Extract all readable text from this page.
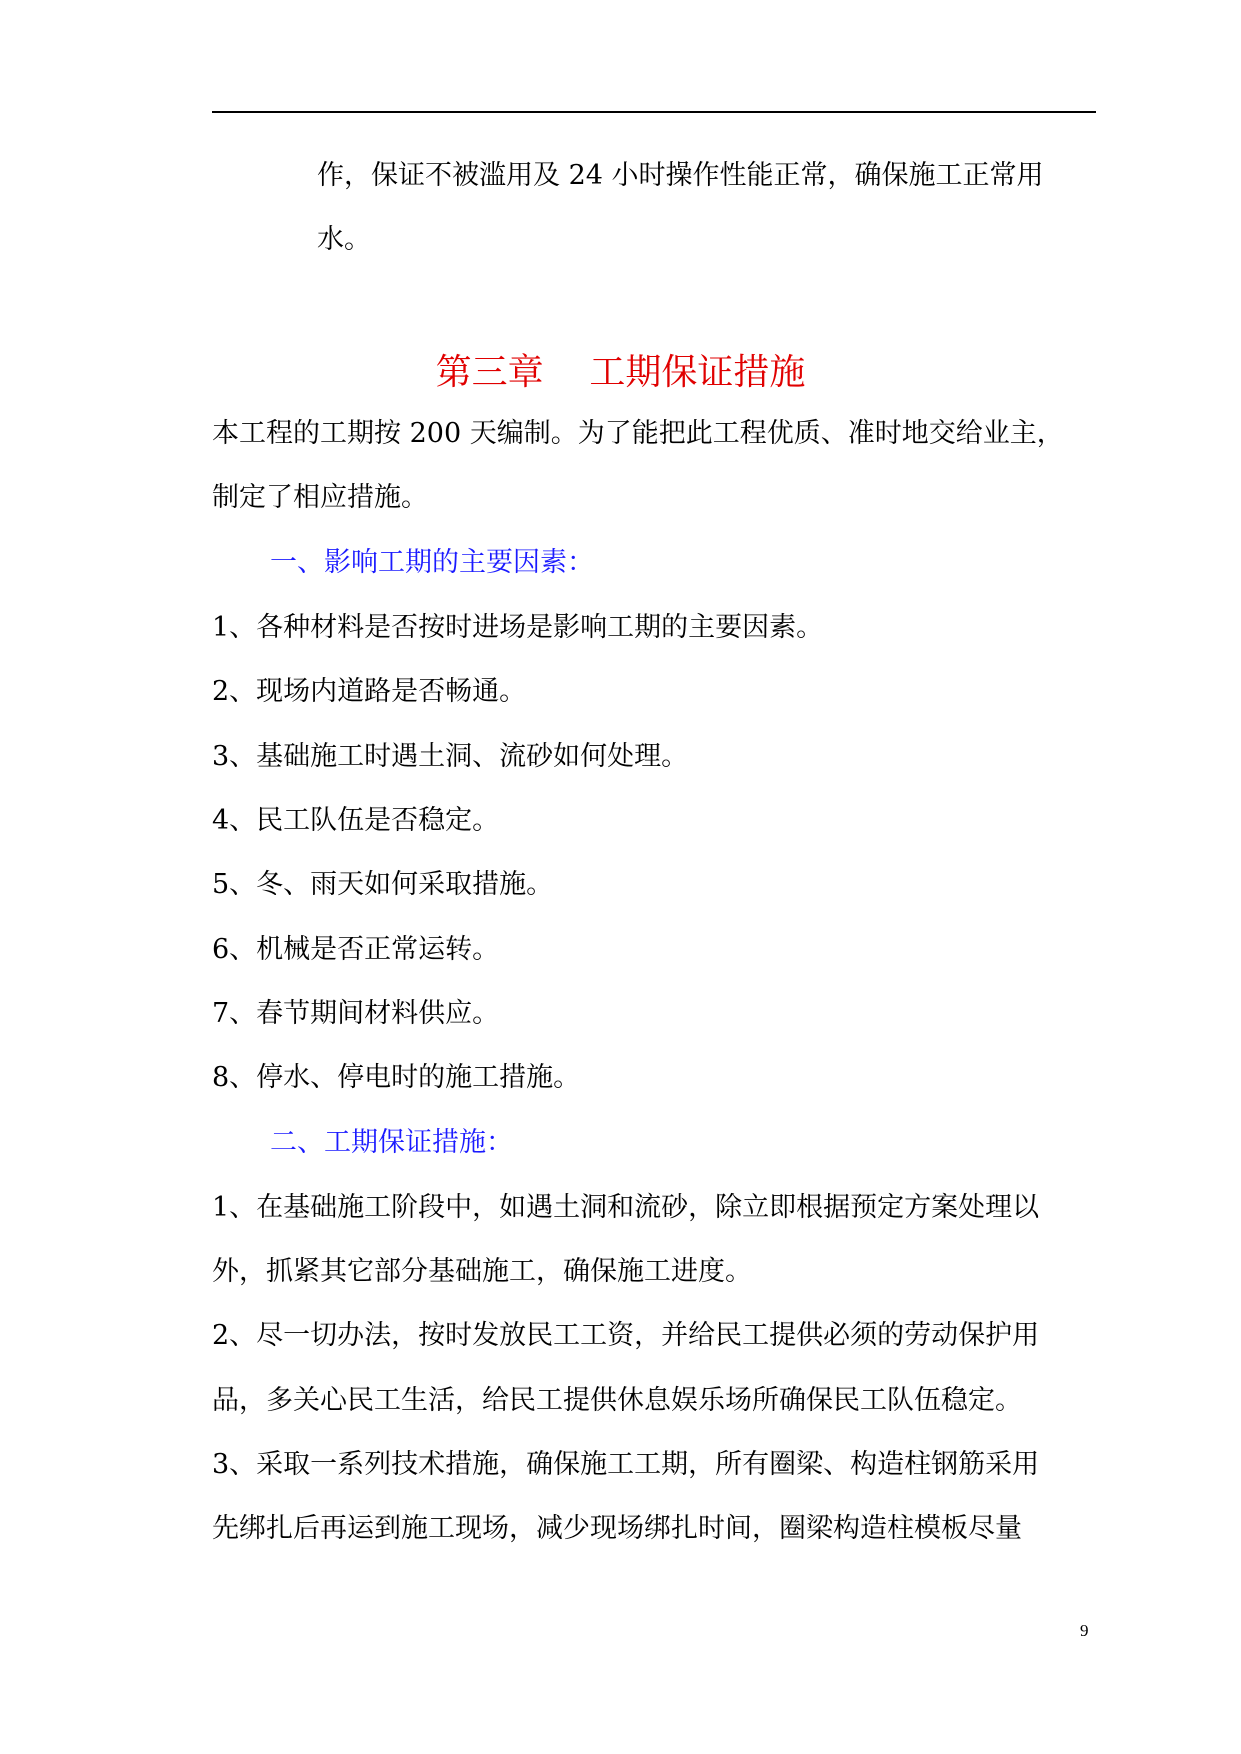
作，保证不被滥用及 24 小时操作性能正常，确保施工正常用
水。
第三章    工期保证措施
本工程的工期按 200 天编制。为了能把此工程优质、准时地交给业主，
制定了相应措施。
一、影响工期的主要因素：
1、各种材料是否按时进场是影响工期的主要因素。
2、现场内道路是否畅通。
3、基础施工时遇土洞、流砂如何处理。
4、民工队伍是否稳定。
5、冬、雨天如何采取措施。
6、机械是否正常运转。
7、春节期间材料供应。
8、停水、停电时的施工措施。
二、工期保证措施：
1、在基础施工阶段中，如遇土洞和流砂，除立即根据预定方案处理以
外，抓紧其它部分基础施工，确保施工进度。
2、尽一切办法，按时发放民工工资，并给民工提供必须的劳动保护用
品，多关心民工生活，给民工提供休息娱乐场所确保民工队伍稳定。
3、采取一系列技术措施，确保施工工期，所有圈梁、构造柱钢筋采用
先绑扎后再运到施工现场，减少现场绑扎时间，圈梁构造柱模板尽量
9
